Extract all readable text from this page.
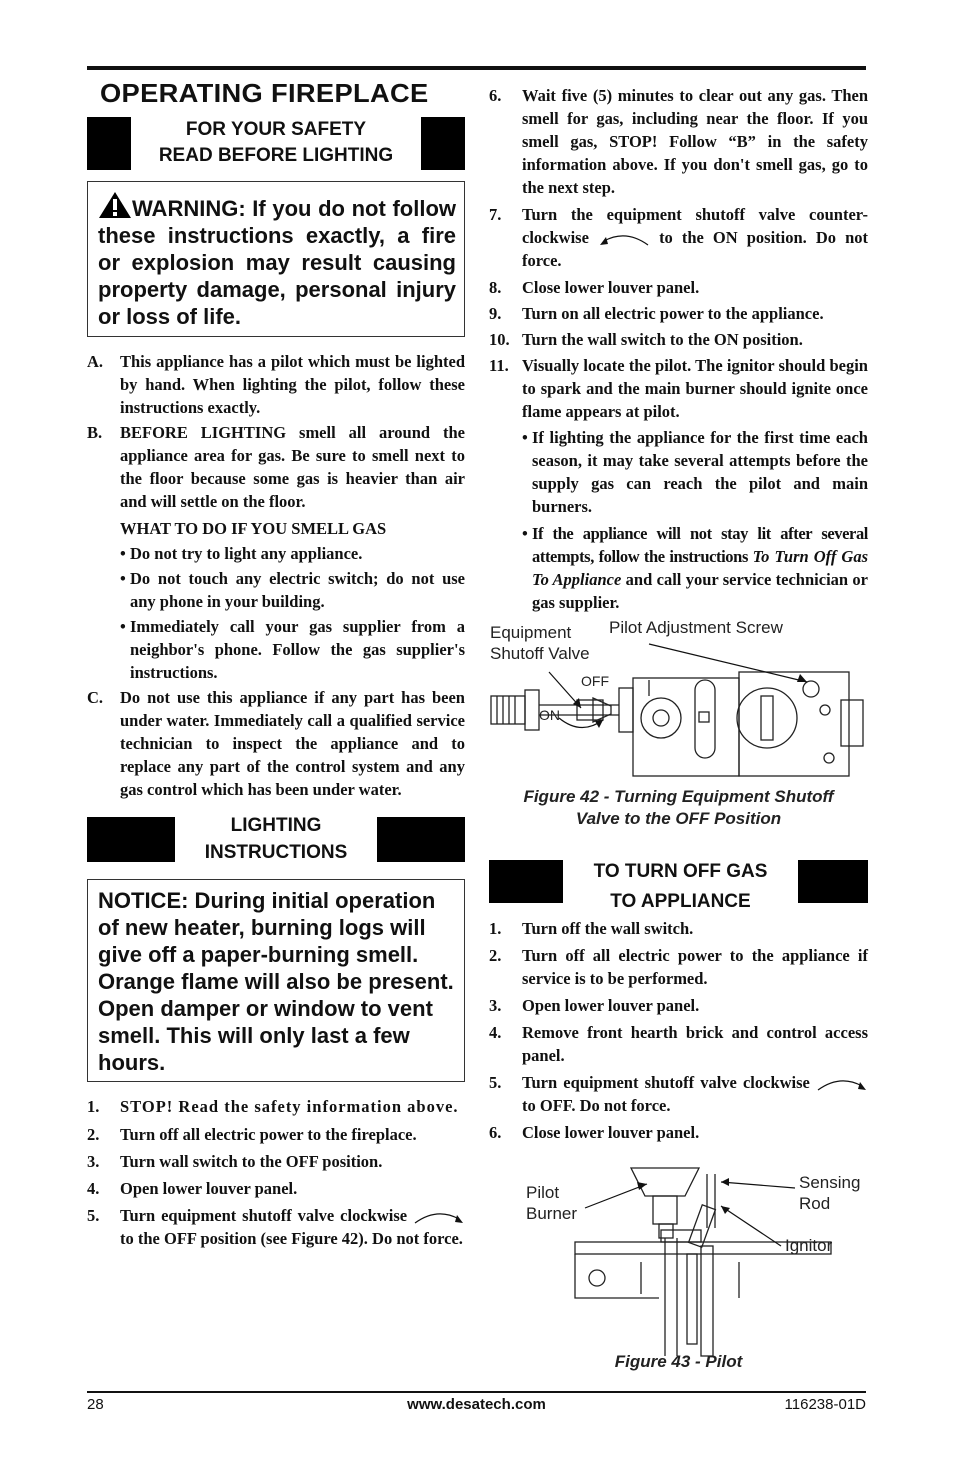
OPERATING FIREPLACE
FOR YOUR SAFETY
READ BEFORE LIGHTING
WARNING: If you do not follow these instructions exactly, a fire or explosion may result causing property damage, personal injury or loss of life.
A.	This appliance has a pilot which must be lighted by hand. When lighting the pilot, follow these instructions exactly.
B.	BEFORE LIGHTING smell all around the appliance area for gas. Be sure to smell next to the floor because some gas is heavier than air and will settle on the floor.
WHAT TO DO IF YOU SMELL GAS
• Do not try to light any appliance.
• Do not touch any electric switch; do not use any phone in your building.
• Immediately call your gas supplier from a neighbor's phone. Follow the gas supplier's instructions.
C.	Do not use this appliance if any part has been under water. Immediately call a qualified service technician to inspect the appliance and to replace any part of the control system and any gas control which has been under water.
LIGHTING
INSTRUCTIONS
NOTICE: During initial operation of new heater, burning logs will give off a paper-burning smell. Orange flame will also be present. Open damper or window to vent smell. This will only last a few hours.
1.	STOP! Read the safety information above.
2.	Turn off all electric power to the fireplace.
3.	Turn wall switch to the OFF position.
4.	Open lower louver panel.
5.	Turn equipment shutoff valve clockwise  to the OFF position (see Figure 42). Do not force.
6.	Wait five (5) minutes to clear out any gas. Then smell for gas, including near the floor. If you smell gas, STOP! Follow “B” in the safety information above. If you don't smell gas, go to the next step.
7.	Turn the equipment shutoff valve counter-clockwise	to the ON position. Do not force.
8.	Close lower louver panel.
9.	Turn on all electric power to the appliance.
10. Turn the wall switch to the ON position.
11. Visually locate the pilot. The ignitor should begin to spark and the main burner should ignite once flame appears at pilot.
• If lighting the appliance for the first time each season, it may take several attempts before the supply gas can reach the pilot and main burners.
• If the appliance will not stay lit after several attempts, follow the instructions To Turn Off Gas To Appliance and call your service technician or gas supplier.
Equipment
Shutoff Valve
Pilot Adjustment Screw
OFF
ON
Figure 42 - Turning Equipment Shutoff
Valve to the OFF Position
TO TURN OFF GAS
TO APPLIANCE
1.	Turn off the wall switch.
2.	Turn off all electric power to the appliance if service is to be performed.
3.	Open lower louver panel.
4.	Remove front hearth brick and control access panel.
5.	Turn equipment shutoff valve clockwise  to OFF. Do not force.
6.	Close lower louver panel.
Pilot
Burner
Sensing
Rod
Ignitor
Figure 43 - Pilot
28	www.desatech.com	116238-01D
